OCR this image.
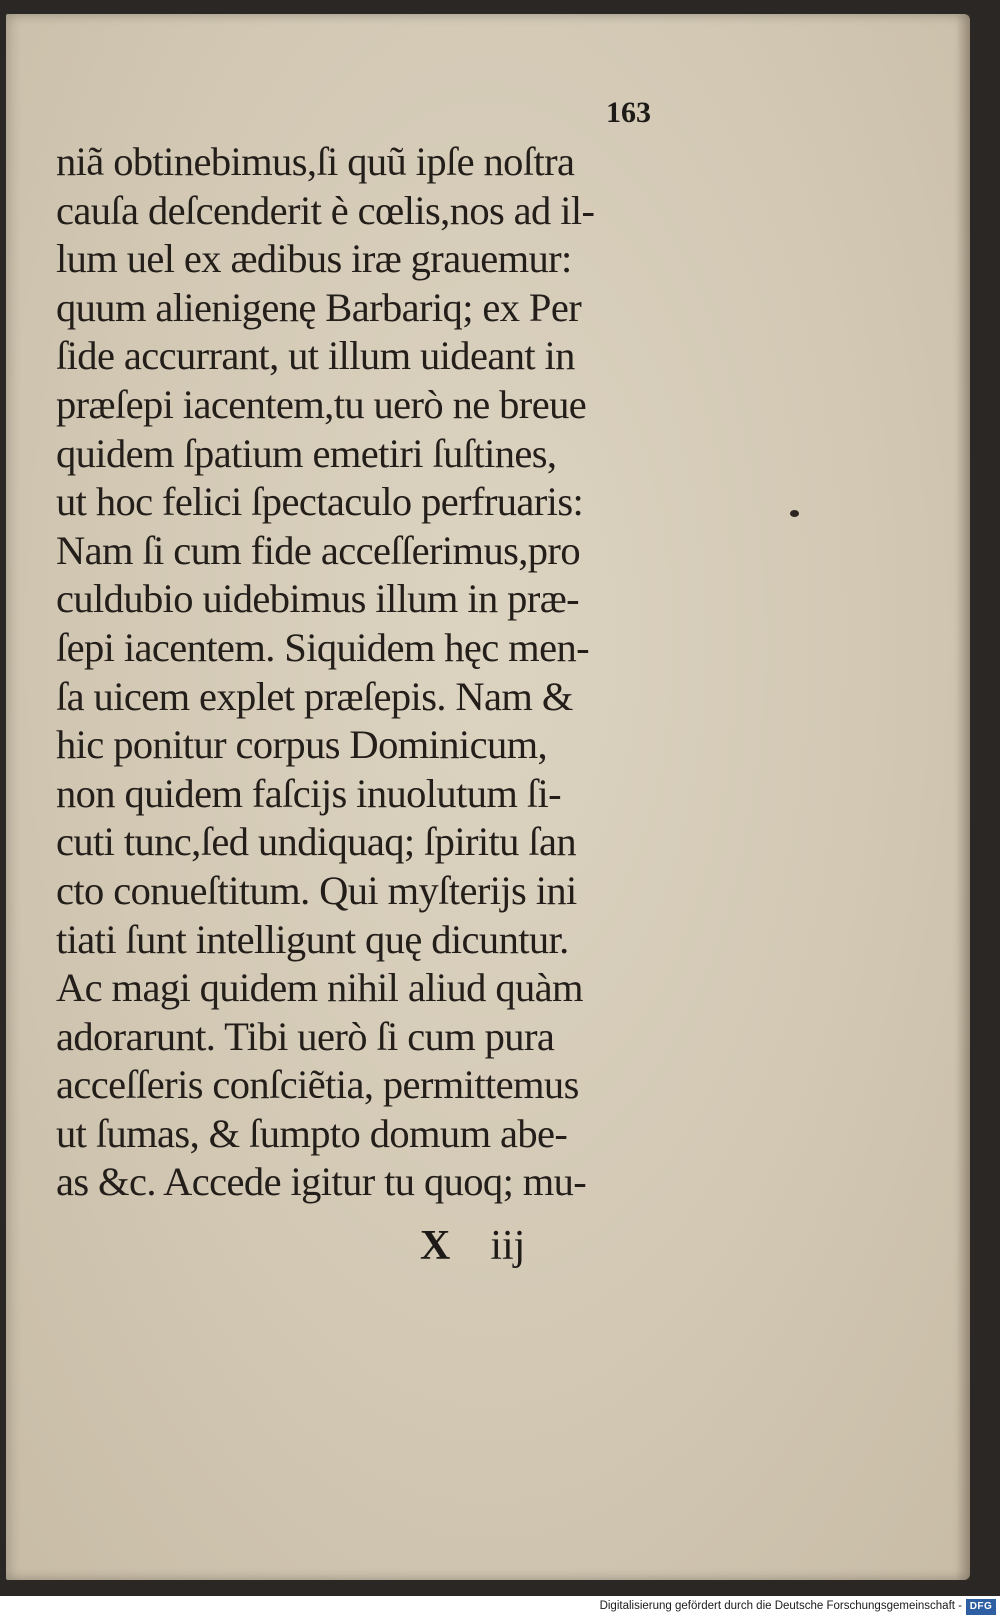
163
niã obtinebimus,ſi quũ ipſe noſtra
cauſa deſcenderit è cœlis,nos ad il‐
lum uel ex ædibus iræ grauemur:
quum alienigenę Barbariq; ex Per
ſide accurrant, ut illum uideant in
præſepi iacentem,tu uerò ne breue
quidem ſpatium emetiri ſuſtines,
ut hoc felici ſpectaculo perfruaris:
Nam ſi cum fide acceſſerimus,pro
culdubio uidebimus illum in præ‐
ſepi iacentem. Siquidem hęc men‐
ſa uicem explet præſepis. Nam &
hic ponitur corpus Dominicum,
non quidem faſcijs inuolutum ſi‐
cuti tunc,ſed undiquaq; ſpiritu ſan
cto conueſtitum. Qui myſterijs ini
tiati ſunt intelligunt quę dicuntur.
Ac magi quidem nihil aliud quàm
adorarunt. Tibi uerò ſi cum pura
acceſſeris conſciẽtia, permittemus
ut ſumas, & ſumpto domum abe‐
as &c. Accede igitur tu quoq; mu‐
X iij
Digitalisierung gefördert durch die Deutsche Forschungsgemeinschaft - DFG
